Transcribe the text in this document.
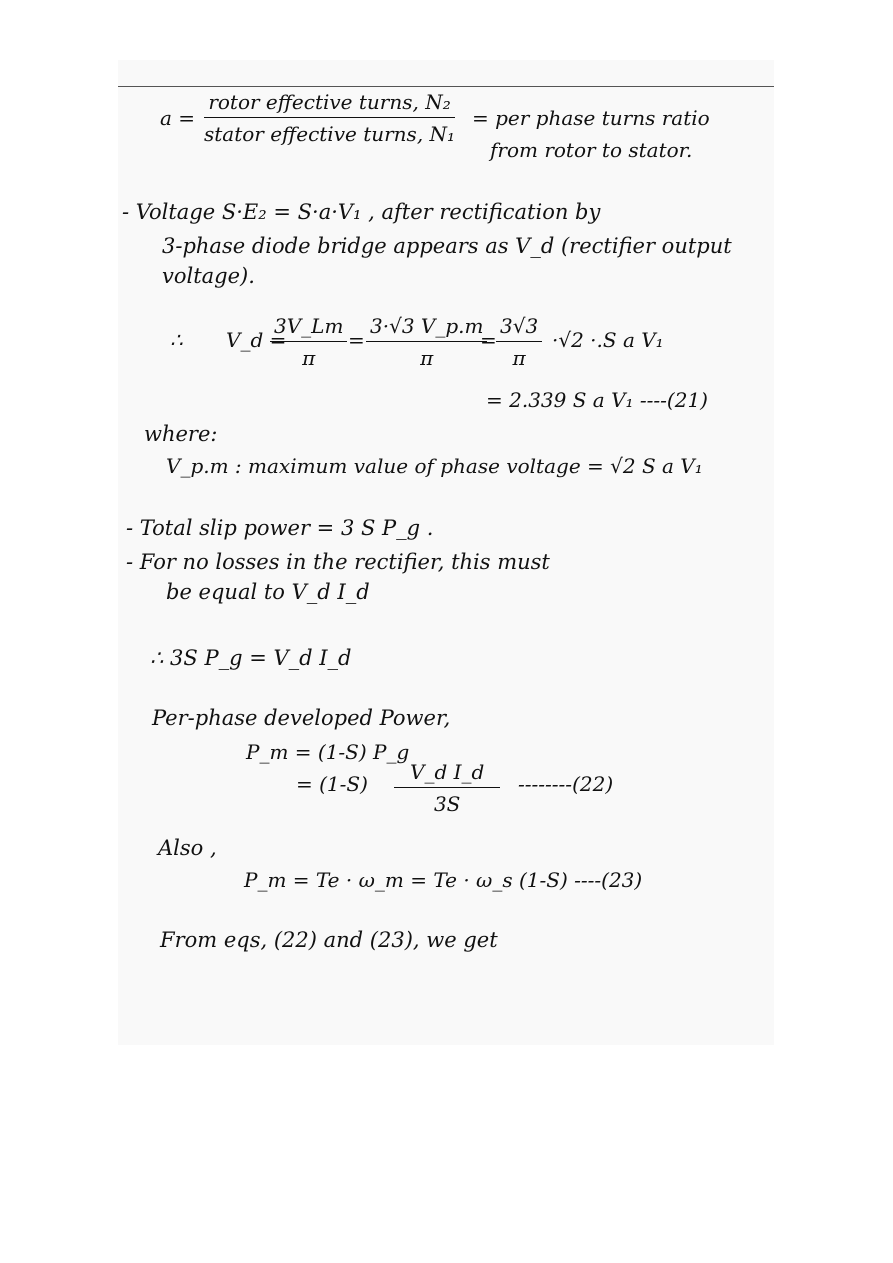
a =
rotor effective turns, N₂
stator effective turns, N₁
= per phase turns ratio
from rotor to stator.
- Voltage S·E₂ = S·a·V₁ , after rectification by
3-phase diode bridge appears as V_d (rectifier output
voltage).
∴ V_d =
$\frac{3V\_Lm}{\pi} = \frac{3\cdot√3 V\_p.m}{\pi}$
= $\frac{3√3}{\pi} \cdot√2 \cdot.S$ a V₁
= 2.339 S a V₁ ----(21)
where:
V_p.m : maximum value of phase voltage = √2 S a V₁
- Total slip power = 3 S P_g .
- For no losses in the rectifier, this must
be equal to V_d I_d
∴ 3S P_g = V_d I_d
Per-phase developed Power,
P_m = (1-S) P_g
= $(1-S) \frac{\text{V\_d I\_d}}{3S} --------(22)$
Also ,
P_m = Te · ω_m = Te · ω_s (1-S) ----(23)
From eqs, (22) and (23), we get
